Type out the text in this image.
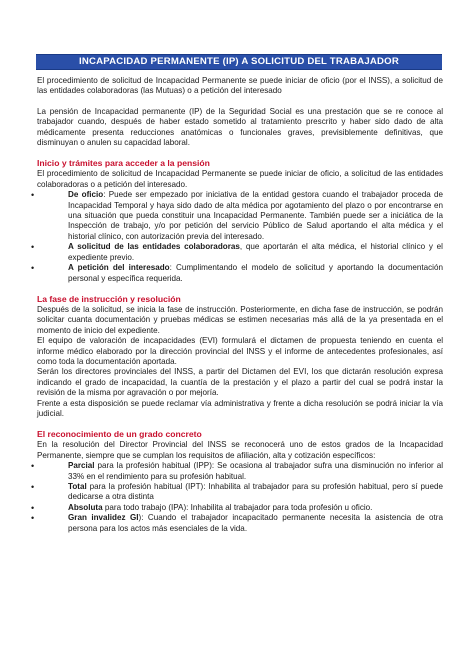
INCAPACIDAD PERMANENTE (IP) A SOLICITUD DEL TRABAJADOR

El procedimiento de solicitud de Incapacidad Permanente se puede iniciar de oficio (por el INSS), a solicitud de las entidades colaboradoras (las Mutuas) o a petición del interesado

La pensión de Incapacidad permanente (IP) de la Seguridad Social es una prestación que se re conoce al trabajador cuando, después de haber estado sometido al tratamiento prescrito y haber sido dado de alta médicamente presenta reducciones anatómicas o funcionales graves, previsiblemente definitivas, que disminuyan o anulen su capacidad laboral.

Inicio y trámites para acceder a la pensión

El procedimiento de solicitud de Incapacidad Permanente se puede iniciar de oficio, a solicitud de las entidades colaboradoras o a petición del interesado.

•	De oficio: Puede ser empezado por iniciativa de la entidad gestora cuando el trabajador proceda de Incapacidad Temporal y haya sido dado de alta médica por agotamiento del plazo o por encontrarse en una situación que pueda constituir una Incapacidad Permanente. También puede ser a iniciática de la Inspección de trabajo, y/o por petición del servicio Público de Salud aportando el alta médica y el historial clínico, con autorización previa del interesado.
•	A solicitud de las entidades colaboradoras, que aportarán el alta médica, el historial clínico y el expediente previo.
•	A petición del interesado: Cumplimentando el modelo de solicitud y aportando la documentación personal y específica requerida.
La fase de instrucción y resolución

Después de la solicitud, se inicia la fase de instrucción. Posteriormente, en dicha fase de instrucción, se podrán solicitar cuanta documentación y pruebas médicas se estimen necesarias más allá de la ya presentada en el momento de inicio del expediente.

El equipo de valoración de incapacidades (EVI) formulará el dictamen de propuesta teniendo en cuenta el informe médico elaborado por la dirección provincial del INSS y el informe de antecedentes profesionales, así como toda la documentación aportada.

Serán los directores provinciales del INSS, a partir del Dictamen del EVI, los que dictarán resolución expresa indicando el grado de incapacidad, la cuantía de la prestación y el plazo a partir del cual se podrá instar la revisión de la misma por agravación o por mejoría.

Frente a esta disposición se puede reclamar vía administrativa y frente a dicha resolución se podrá iniciar la vía judicial.

El reconocimiento de un grado concreto

En la resolución del Director Provincial del INSS se reconocerá uno de estos grados de la Incapacidad Permanente, siempre que se cumplan los requisitos de afiliación, alta y cotización específicos:

•	Parcial para la profesión habitual (IPP): Se ocasiona al trabajador sufra una disminución no inferior al 33% en el rendimiento para su profesión habitual.
•	Total para la profesión habitual (IPT): Inhabilita al trabajador para su profesión habitual, pero sí puede dedicarse a otra distinta
•	Absoluta para todo trabajo (IPA): Inhabilita al trabajador para toda profesión u oficio.
•	Gran invalidez GI): Cuando el trabajador incapacitado permanente necesita la asistencia de otra persona para los actos más esenciales de la vida.
